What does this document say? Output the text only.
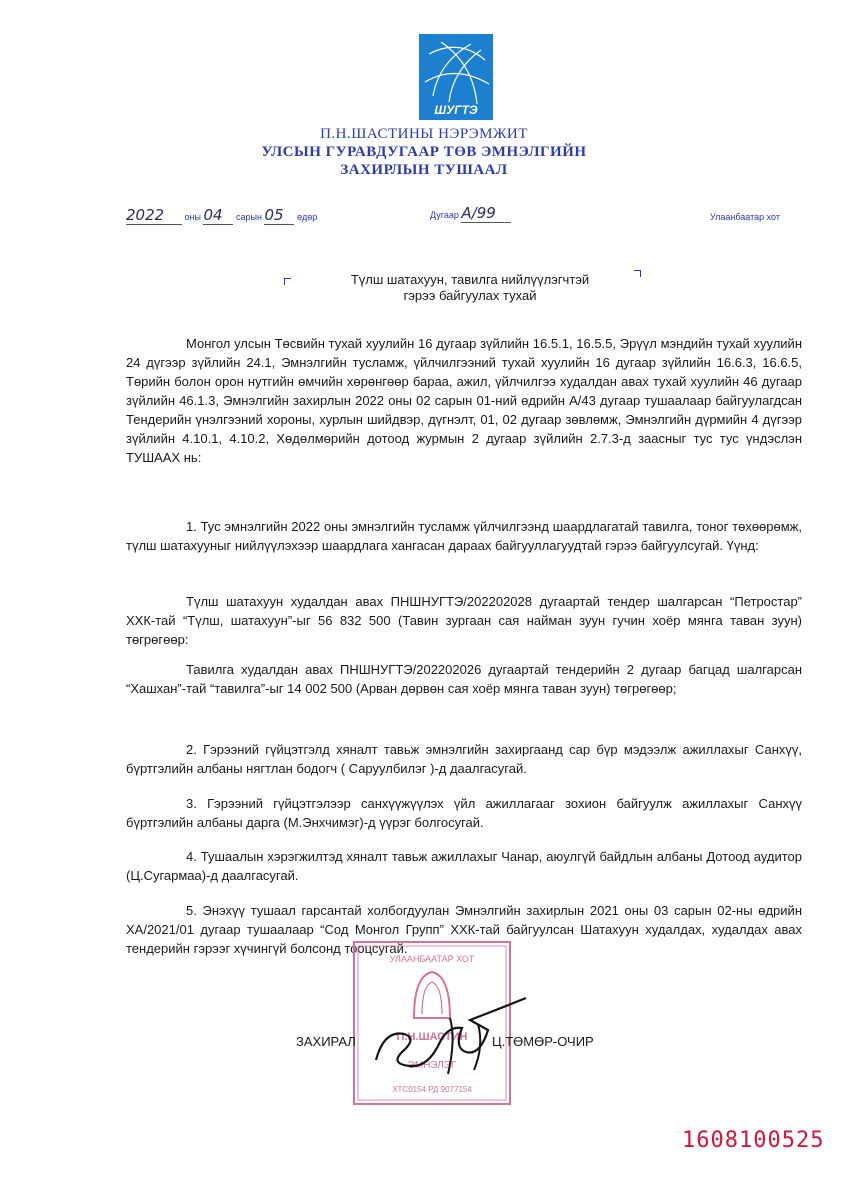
ШУГТЭ
П.Н.ШАСТИНЫ НЭРЭМЖИТ
УЛСЫН ГУРАВДУГААР ТӨВ ЭМНЭЛГИЙН
ЗАХИРЛЫН ТУШААЛ
2022 оны 04 сарын 05 өдөр	Дугаар А/99	Улаанбаатар хот
Түлш шатахуун, тавилга нийлүүлэгчтэй
гэрээ байгуулах тухай
Монгол улсын Төсвийн тухай хуулийн 16 дугаар зүйлийн 16.5.1, 16.5.5, Эрүүл мэндийн тухай хуулийн 24 дүгээр зүйлийн 24.1, Эмнэлгийн тусламж, үйлчилгээний тухай хуулийн 16 дугаар зүйлийн 16.6.3, 16.6.5, Төрийн болон орон нутгийн өмчийн хөрөнгөөр бараа, ажил, үйлчилгээ худалдан авах тухай хуулийн 46 дугаар зүйлийн 46.1.3, Эмнэлгийн захирлын 2022 оны 02 сарын 01-ний өдрийн А/43 дугаар тушаалаар байгуулагдсан Тендерийн үнэлгээний хороны, хурлын шийдвэр, дүгнэлт, 01, 02 дугаар зөвлөмж, Эмнэлгийн дүрмийн 4 дүгээр зүйлийн 4.10.1, 4.10.2, Хөдөлмөрийн дотоод журмын 2 дугаар зүйлийн 2.7.3-д заасныг тус тус үндэслэн ТУШААХ нь:
1. Тус эмнэлгийн 2022 оны эмнэлгийн тусламж үйлчилгээнд шаардлагатай тавилга, тоног төхөөрөмж, түлш шатахууныг нийлүүлэхээр шаардлага хангасан дараах байгууллагуудтай гэрээ байгуулсугай. Үүнд:
Түлш шатахуун худалдан авах ПНШНУГТЭ/202202028 дугаартай тендер шалгарсан “Петростар” ХХК-тай “Түлш, шатахуун”-ыг 56 832 500 (Тавин зургаан сая найман зуун гучин хоёр мянга таван зуун) төгрөгөөр:
Тавилга худалдан авах ПНШНУГТЭ/202202026 дугаартай тендерийн 2 дугаар багцад шалгарсан “Хашхан”-тай “тавилга”-ыг 14 002 500 (Арван дөрвөн сая хоёр мянга таван зуун) төгрөгөөр;
2. Гэрээний гүйцэтгэлд хяналт тавьж эмнэлгийн захиргаанд сар бүр мэдээлж ажиллахыг Санхүү, бүртгэлийн албаны нягтлан бодогч ( Саруулбилэг )-д даалгасугай.
3. Гэрээний гүйцэтгэлээр санхүүжүүлэх үйл ажиллагааг зохион байгуулж ажиллахыг Санхүү бүртгэлийн албаны дарга (М.Энхчимэг)-д үүрэг болгосугай.
4. Тушаалын хэрэгжилтэд хяналт тавьж ажиллахыг Чанар, аюулгүй байдлын албаны Дотоод аудитор (Ц.Сугармаа)-д даалгасугай.
5. Энэхүү тушаал гарсантай холбогдуулан Эмнэлгийн захирлын 2021 оны 03 сарын 02-ны өдрийн ХА/2021/01 дугаар тушаалаар “Сод Монгол Групп” ХХК-тай байгуулсан Шатахуун худалдах, худалдах авах тендерийн гэрээг хүчингүй болсонд тооцсугай.
УЛААНБААТАР ХОТ
П.Н.ШАСТИН
ЭМНЭЛЭГ
ХТС0154 РД 9077154
ЗАХИРАЛ	Ц.ТӨМӨР-ОЧИР
1608100525
